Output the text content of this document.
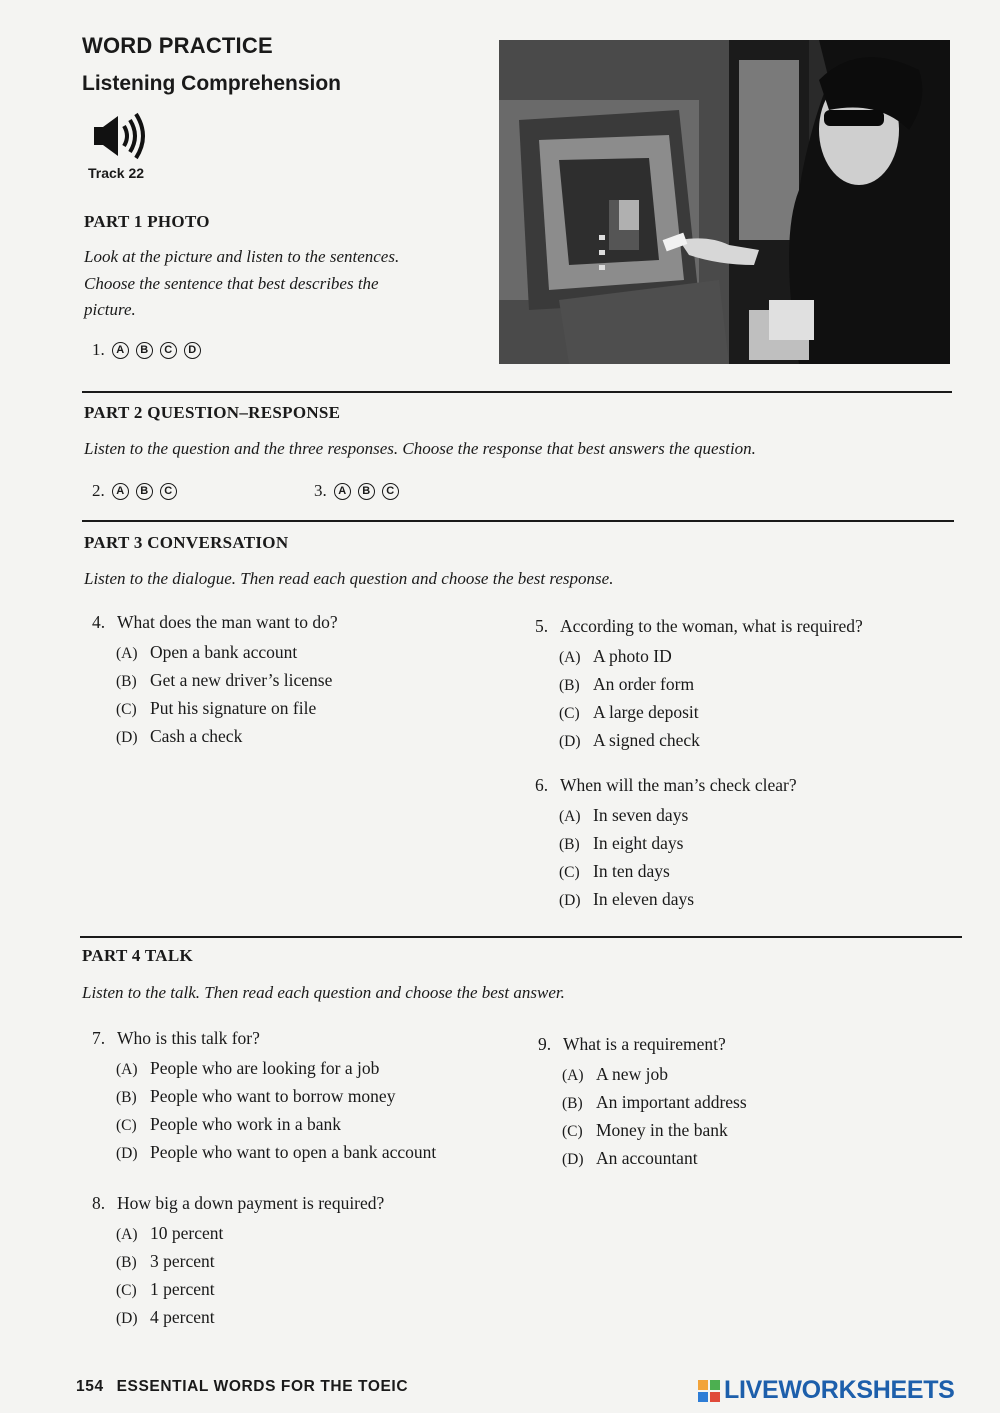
WORD PRACTICE
Listening Comprehension
Track 22
PART 1 PHOTO
Look at the picture and listen to the sentences.
Choose the sentence that best describes the
picture.
1.	A	B	C	D
PART 2 QUESTION–RESPONSE
Listen to the question and the three responses. Choose the response that best answers the question.
2.	A	B	C	3.	A	B	C
PART 3 CONVERSATION
Listen to the dialogue. Then read each question and choose the best response.
4. What does the man want to do?
(A) Open a bank account
(B) Get a new driver’s license
(C) Put his signature on file
(D) Cash a check
5. According to the woman, what is required?
(A) A photo ID
(B) An order form
(C) A large deposit
(D) A signed check
6. When will the man’s check clear?
(A) In seven days
(B) In eight days
(C) In ten days
(D) In eleven days
PART 4 TALK
Listen to the talk. Then read each question and choose the best answer.
7. Who is this talk for?
(A) People who are looking for a job
(B) People who want to borrow money
(C) People who work in a bank
(D) People who want to open a bank account
8. How big a down payment is required?
(A) 10 percent
(B) 3 percent
(C) 1 percent
(D) 4 percent
9. What is a requirement?
(A) A new job
(B) An important address
(C) Money in the bank
(D) An accountant
154 ESSENTIAL WORDS FOR THE TOEIC	LIVEWORKSHEETS
